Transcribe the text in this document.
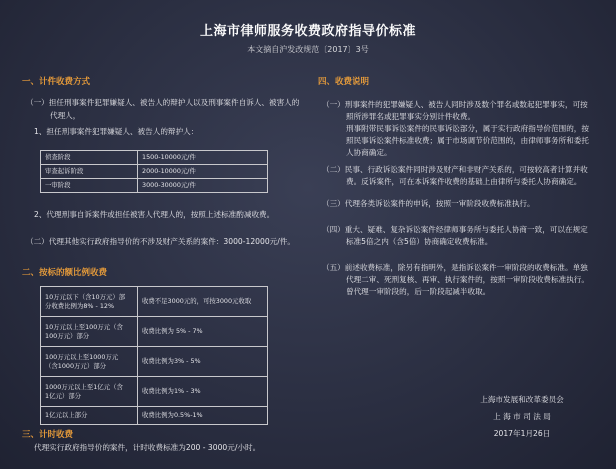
上海市律师服务收费政府指导价标准
本文摘自沪发改规范〔2017〕3号
一、计件收费方式
（一）担任刑事案件犯罪嫌疑人、被告人的辩护人以及刑事案件自诉人、被害人的
代理人，
1、担任刑事案件犯罪嫌疑人、被告人的辩护人：
侦查阶段	1500-10000元/件
审查起诉阶段	2000-10000元/件
一审阶段	3000-30000元/件
2、代理刑事自诉案件或担任被害人代理人的，按照上述标准酌减收费。
（二）代理其他实行政府指导价的不涉及财产关系的案件：3000-12000元/件。
二、按标的额比例收费
10万元以下（含10万元）部
分收费比例为8% - 12%	收费不足3000元的，可按3000元收取

10万元以上至100万元（含
100万元）部分	收费比例为 5% - 7%

100万元以上至1000万元
（含1000万元）部分	收费比例为3% - 5%

1000万元以上至1亿元（含
1亿元）部分	收费比例为1% - 3%

1亿元以上部分	收费比例为0.5%-1%
三、计时收费
代理实行政府指导价的案件，计时收费标准为200 - 3000元/小时。
四、收费说明
（一）刑事案件的犯罪嫌疑人、被告人同时涉及数个罪名或数起犯罪事实，可按
照所涉罪名或犯罪事实分别计件收费。
刑事附带民事诉讼案件的民事诉讼部分，属于实行政府指导价范围的，按
照民事诉讼案件标准收费；属于市场调节价范围的，由律师事务所和委托
人协商确定。
（二）民事、行政诉讼案件同时涉及财产和非财产关系的，可按较高者计算并收
费。反诉案件，可在本诉案件收费的基础上由律所与委托人协商确定。
（三）代理各类诉讼案件的申诉，按照一审阶段收费标准执行。
（四）重大、疑难、复杂诉讼案件经律师事务所与委托人协商一致，可以在规定
标准5倍之内（含5倍）协商确定收费标准。
（五）前述收费标准，除另有指明外，是指诉讼案件一审阶段的收费标准。单独
代理二审、死刑复核、再审、执行案件的，按照一审阶段收费标准执行。
曾代理一审阶段的，后一阶段起减半收取。
上海市发展和改革委员会
上 海 市 司 法 局
2017年1月26日
